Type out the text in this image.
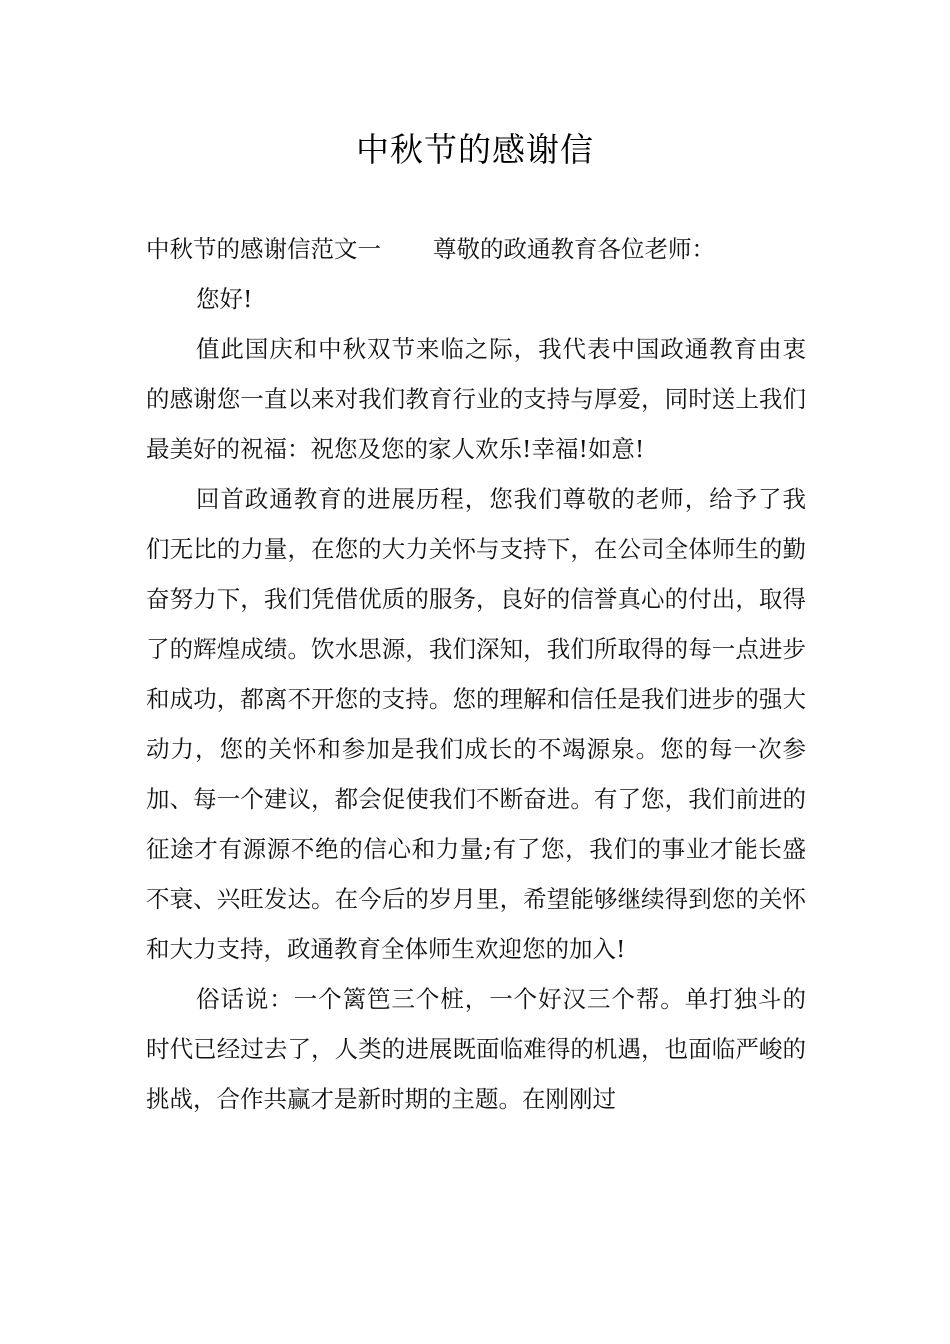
中秋节的感谢信
中秋节的感谢信范文一 尊敬的政通教育各位老师：

您好!

值此国庆和中秋双节来临之际，我代表中国政通教育由衷的感谢您一直以来对我们教育行业的支持与厚爱，同时送上我们最美好的祝福：祝您及您的家人欢乐!幸福!如意!

回首政通教育的进展历程，您我们尊敬的老师，给予了我们无比的力量，在您的大力关怀与支持下，在公司全体师生的勤奋努力下，我们凭借优质的服务，良好的信誉真心的付出，取得了的辉煌成绩。饮水思源，我们深知，我们所取得的每一点进步和成功，都离不开您的支持。您的理解和信任是我们进步的强大动力，您的关怀和参加是我们成长的不竭源泉。您的每一次参加、每一个建议，都会促使我们不断奋进。有了您，我们前进的征途才有源源不绝的信心和力量;有了您，我们的事业才能长盛不衰、兴旺发达。在今后的岁月里，希望能够继续得到您的关怀和大力支持，政通教育全体师生欢迎您的加入!

俗话说：一个篱笆三个桩，一个好汉三个帮。单打独斗的时代已经过去了，人类的进展既面临难得的机遇，也面临严峻的挑战，合作共赢才是新时期的主题。在刚刚过
